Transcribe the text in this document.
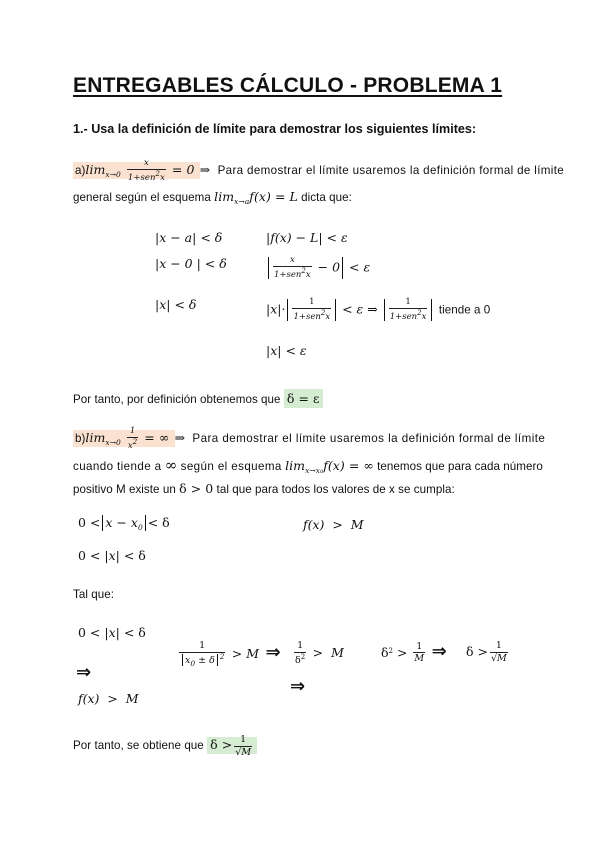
ENTREGABLES CÁLCULO - PROBLEMA 1
1.- Usa la definición de límite para demostrar los siguientes límites:
$a)\lim_{x\to 0} \frac{x}{1+sen^2x} = 0$ ⇒ Para demostrar el límite usaremos la definición formal de límite
general según el esquema $\lim_{x\to a}f(x) = L$ dicta que:
|x − a| < δ
|x − 0 | < δ
|x| < δ
|f(x) − L| < ε
$\frac{x}{1+sen^2x} - 0 < \varepsilon$
$|x|\cdot \frac{1}{1+sen^2x} < \varepsilon$ ⇒ $\frac{1}{1+sen^2x}$ tiende a 0
|x| < ε
Por tanto, por definición obtenemos que δ = ε
$b)\lim_{x\to 0} \frac{1}{x^2}$ = ∞ ⇒ Para demostrar el límite usaremos la definición formal de límite
cuando tiende a ∞ según el esquema $\lim_{x\to x0}f(x)$ = ∞ tenemos que para cada número
positivo M existe un δ > 0 tal que para todos los valores de x se cumpla:
$0 < x - x_0 < \delta$	f(x)  >  M
0 < |x| < δ
Tal que:
0 < |x| < δ
⇒
f(x)  >  M
$\frac{1}{x_0 \pm \delta ^2} > M$ ⇒ $\frac{1}{\delta^2} > M$
⇒
$\delta^2 > \frac{1}{M}$ ⇒ $\delta > \frac{1}{√M}$
Por tanto, se obtiene que $\delta > \frac{1}{√M}$
